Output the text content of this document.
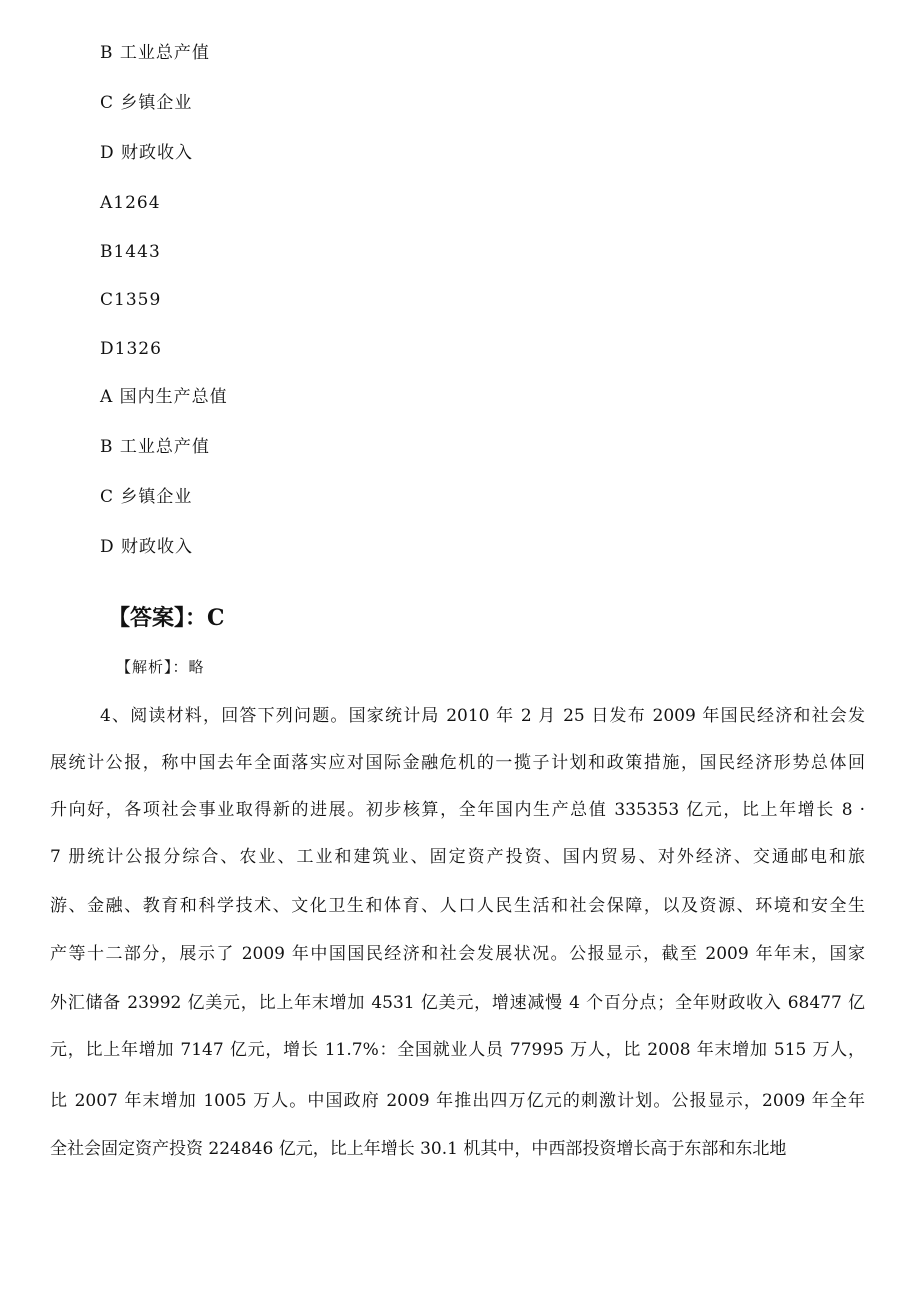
B 工业总产值
C 乡镇企业
D 财政收入
A1264
B1443
C1359
D1326
A 国内生产总值
B 工业总产值
C 乡镇企业
D 财政收入
【答案】：C
【解析】：略
4、阅读材料，回答下列问题。国家统计局 2010 年 2 月 25 日发布 2009 年国民经济和社会发
展统计公报，称中国去年全面落实应对国际金融危机的一揽子计划和政策措施，国民经济形势总体回
升向好，各项社会事业取得新的进展。初步核算，全年国内生产总值 335353 亿元，比上年增长 8 ·
7 册统计公报分综合、农业、工业和建筑业、固定资产投资、国内贸易、对外经济、交通邮电和旅
游、金融、教育和科学技术、文化卫生和体育、人口人民生活和社会保障，以及资源、环境和安全生
产等十二部分，展示了 2009 年中国国民经济和社会发展状况。公报显示，截至 2009 年年末，国家
外汇储备 23992 亿美元，比上年末增加 4531 亿美元，增速减慢 4 个百分点；全年财政收入 68477 亿
元，比上年增加 7147 亿元，增长 11.7%：全国就业人员 77995 万人，比 2008 年末增加 515 万人，
比 2007 年末增加 1005 万人。中国政府 2009 年推出四万亿元的刺激计划。公报显示，2009 年全年
全社会固定资产投资 224846 亿元，比上年增长 30.1 机其中，中西部投资增长高于东部和东北地
